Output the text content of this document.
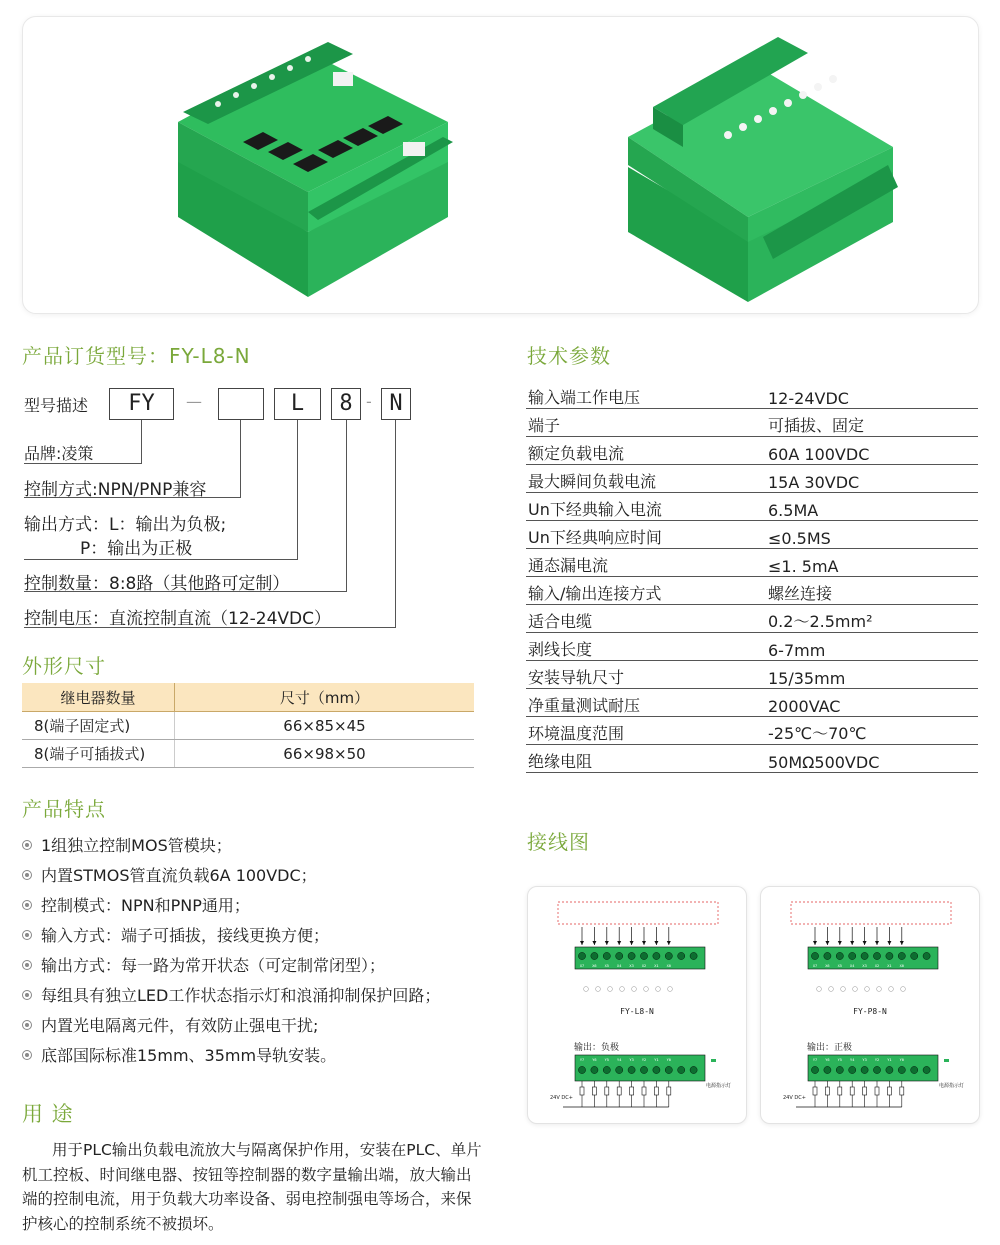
产品订货型号：FY-L8-N
型号描述	FY	—	L	8 - N
品牌:凌策
控制方式:NPN/PNP兼容
输出方式：L：输出为负极;
P：输出为正极
控制数量：8:8路（其他路可定制）
控制电压：直流控制直流（12-24VDC）
外形尺寸
继电器数量	尺寸（mm）
8(端子固定式)	66×85×45
8(端子可插拔式)	66×98×50
产品特点
1组独立控制MOS管模块；
内置STMOS管直流负载6A 100VDC；
控制模式：NPN和PNP通用；
输入方式：端子可插拔，接线更换方便；
输出方式：每一路为常开状态（可定制常闭型）；
每组具有独立LED工作状态指示灯和浪涌抑制保护回路；
内置光电隔离元件，有效防止强电干扰;
底部国际标准15mm、35mm导轨安装。
用 途
用于PLC输出负载电流放大与隔离保护作用，安装在PLC、单片机工控板、时间继电器、按钮等控制器的数字量输出端，放大输出端的控制电流，用于负载大功率设备、弱电控制强电等场合，来保护核心的控制系统不被损坏。
技术参数
输入端工作电压	12-24VDC
端子	可插拔、固定
额定负载电流	60A 100VDC
最大瞬间负载电流	15A 30VDC
Un下经典输入电流	6.5MA
Un下经典响应时间	≤0.5MS
通态漏电流	≤1. 5mA
输入/输出连接方式	螺丝连接
适合电缆	0.2～2.5mm²
剥线长度	6-7mm
安装导轨尺寸	15/35mm
净重量测试耐压	2000VAC
环境温度范围	-25℃～70℃
绝缘电阻	50MΩ500VDC
接线图
X7 X6 X5 X4 X3 X2 X1 X0
Y7 Y6 Y5 Y4 Y3 Y2 Y1 Y0
24V DC+
电源指示灯
FY-L8-N
输出：负极
X7 X6 X5 X4 X3 X2 X1 X0
Y7 Y6 Y5 Y4 Y3 Y2 Y1 Y0
24V DC+
电源指示灯
FY-P8-N
输出：正极
